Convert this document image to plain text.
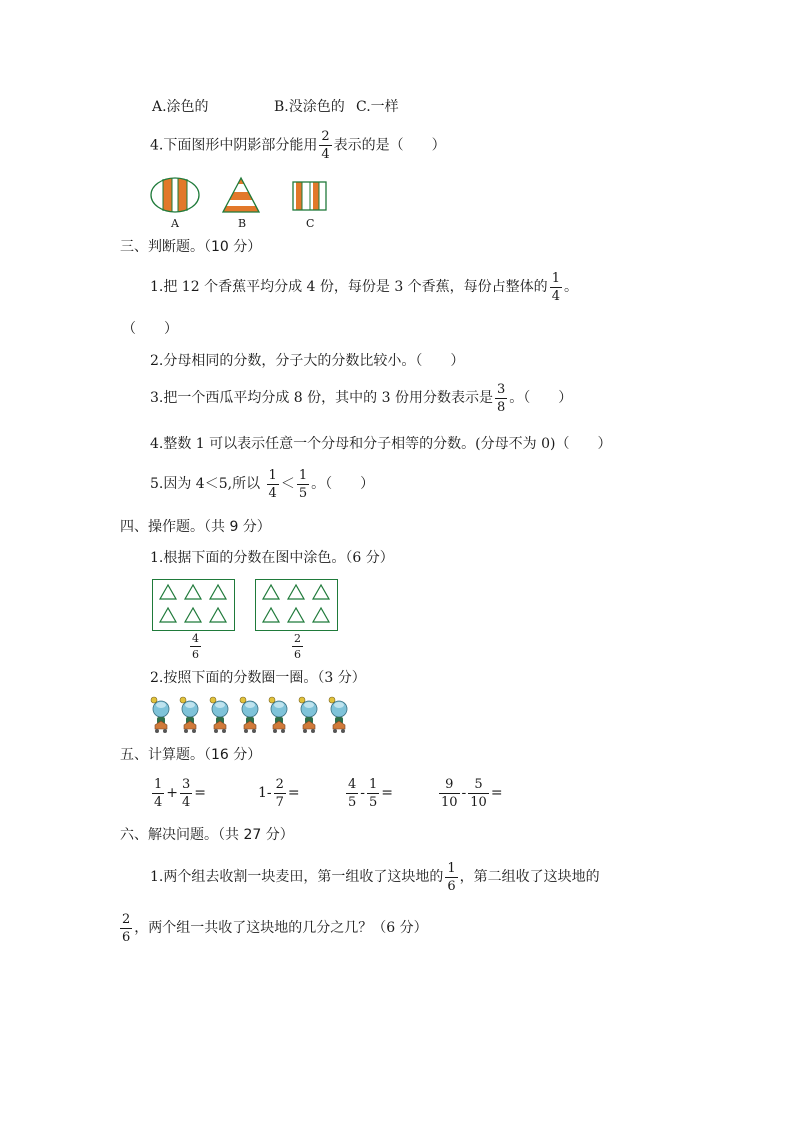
A.涂色的	B.没涂色的 C.一样
4.下面图形中阴影部分能用 $\frac{2}{4}$ 表示的是（　　）
A	B	C
三、判断题。（10 分）
1.把 12 个香蕉平均分成 4 份，每份是 3 个香蕉，每份占整体的 $\frac{1}{4}$ 。
（　　）
2.分母相同的分数，分子大的分数比较小。（　　）
3.把一个西瓜平均分成 8 份，其中的 3 份用分数表示是 $\frac{3}{8}$ 。（　　）
4.整数 1 可以表示任意一个分母和分子相等的分数。(分母不为 0)（　　）
5.因为 4＜5,所以 $\frac{1}{4} < \frac{1}{5}$ 。（　　）
四、操作题。（共 9 分）
1.根据下面的分数在图中涂色。（6 分）
$\frac{4}{6}$	$\frac{2}{6}$
2.按照下面的分数圈一圈。（3 分）
五、计算题。（16 分）
$\frac{1}{4} + \frac{3}{4}$ =	$1- \frac{2}{7}$ =	$\frac{4}{5} - \frac{1}{5}$ =	$\frac{9}{10} - \frac{5}{10}$ =
六、解决问题。（共 27 分）
1.两个组去收割一块麦田，第一组收了这块地的 $\frac{1}{6}$ ，第二组收了这块地的
$\frac{2}{6}$ ，两个组一共收了这块地的几分之几？（6 分）
